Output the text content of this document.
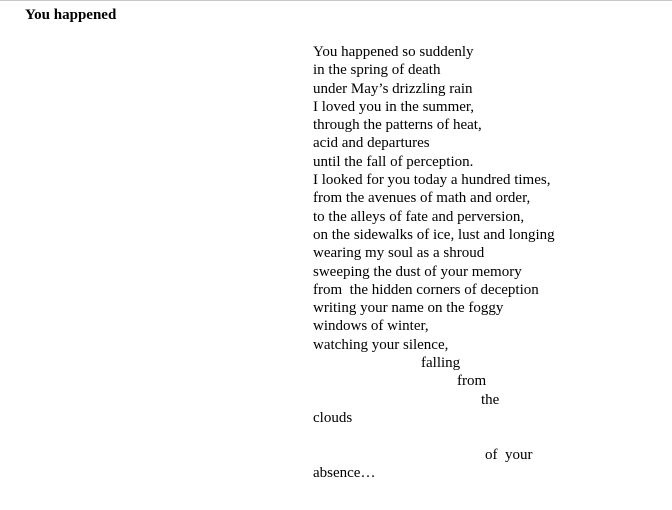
You happened
You happened so suddenly
in the spring of death
under May’s drizzling rain
I loved you in the summer,
through the patterns of heat,
acid and departures
until the fall of perception.
I looked for you today a hundred times,
from the avenues of math and order,
to the alleys of fate and perversion,
on the sidewalks of ice, lust and longing
wearing my soul as a shroud
sweeping the dust of your memory
from  the hidden corners of deception
writing your name on the foggy
windows of winter,
watching your silence,
falling
from
the
clouds
of  your
absence…
